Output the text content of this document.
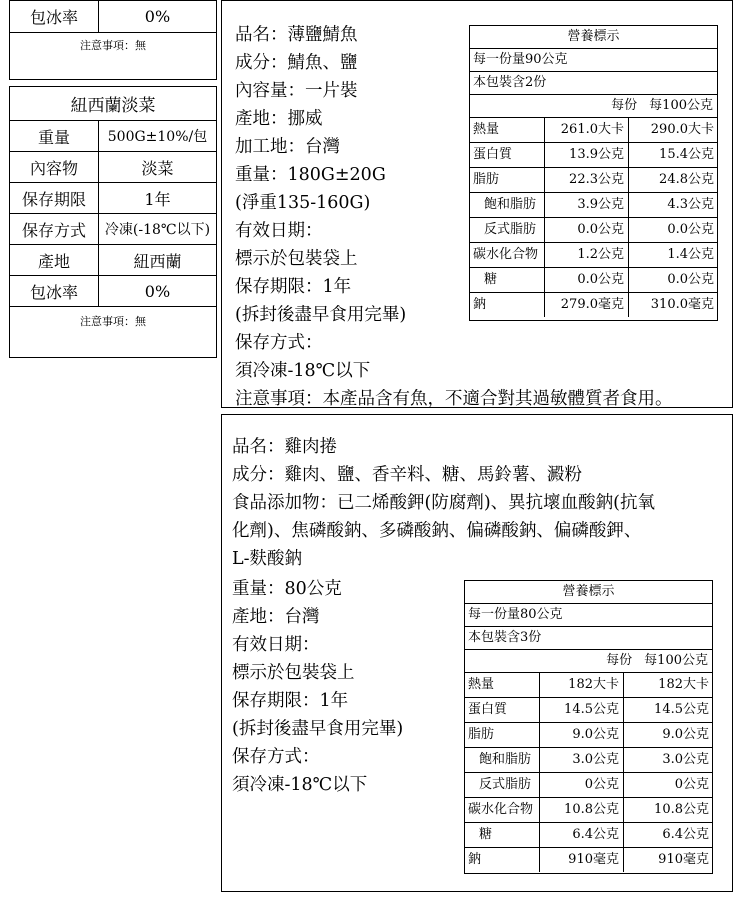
包冰率	0%
注意事項：無
紐西蘭淡菜
重量	500G±10%/包
內容物	淡菜
保存期限	1年
保存方式	冷凍(-18℃以下)
產地	紐西蘭
包冰率	0%
注意事項：無
品名：薄鹽鯖魚
成分：鯖魚、鹽
內容量：一片裝
產地：挪威
加工地：台灣
重量：180G±20G
(淨重135-160G)
有效日期：
標示於包裝袋上
保存期限：1年
(拆封後盡早食用完畢)
保存方式：
須冷凍-18℃以下
注意事項：本產品含有魚，不適合對其過敏體質者食用。
營養標示
每一份量90公克
本包裝含2份
每份 每100公克
熱量	261.0大卡	290.0大卡
蛋白質	13.9公克	15.4公克
脂肪	22.3公克	24.8公克
飽和脂肪	3.9公克	4.3公克
反式脂肪	0.0公克	0.0公克
碳水化合物	1.2公克	1.4公克
糖	0.0公克	0.0公克
鈉	279.0毫克	310.0毫克
品名：雞肉捲
成分：雞肉、鹽、香辛料、糖、馬鈴薯、澱粉
食品添加物：已二烯酸鉀(防腐劑)、異抗壞血酸鈉(抗氧
化劑)、焦磷酸鈉、多磷酸鈉、偏磷酸鈉、偏磷酸鉀、
L-麩酸鈉
重量：80公克
產地：台灣
有效日期：
標示於包裝袋上
保存期限：1年
(拆封後盡早食用完畢)
保存方式：
須冷凍-18℃以下
營養標示
每一份量80公克
本包裝含3份
每份 每100公克
熱量	182大卡	182大卡
蛋白質	14.5公克	14.5公克
脂肪	9.0公克	9.0公克
飽和脂肪	3.0公克	3.0公克
反式脂肪	0公克	0公克
碳水化合物	10.8公克	10.8公克
糖	6.4公克	6.4公克
鈉	910毫克	910毫克
